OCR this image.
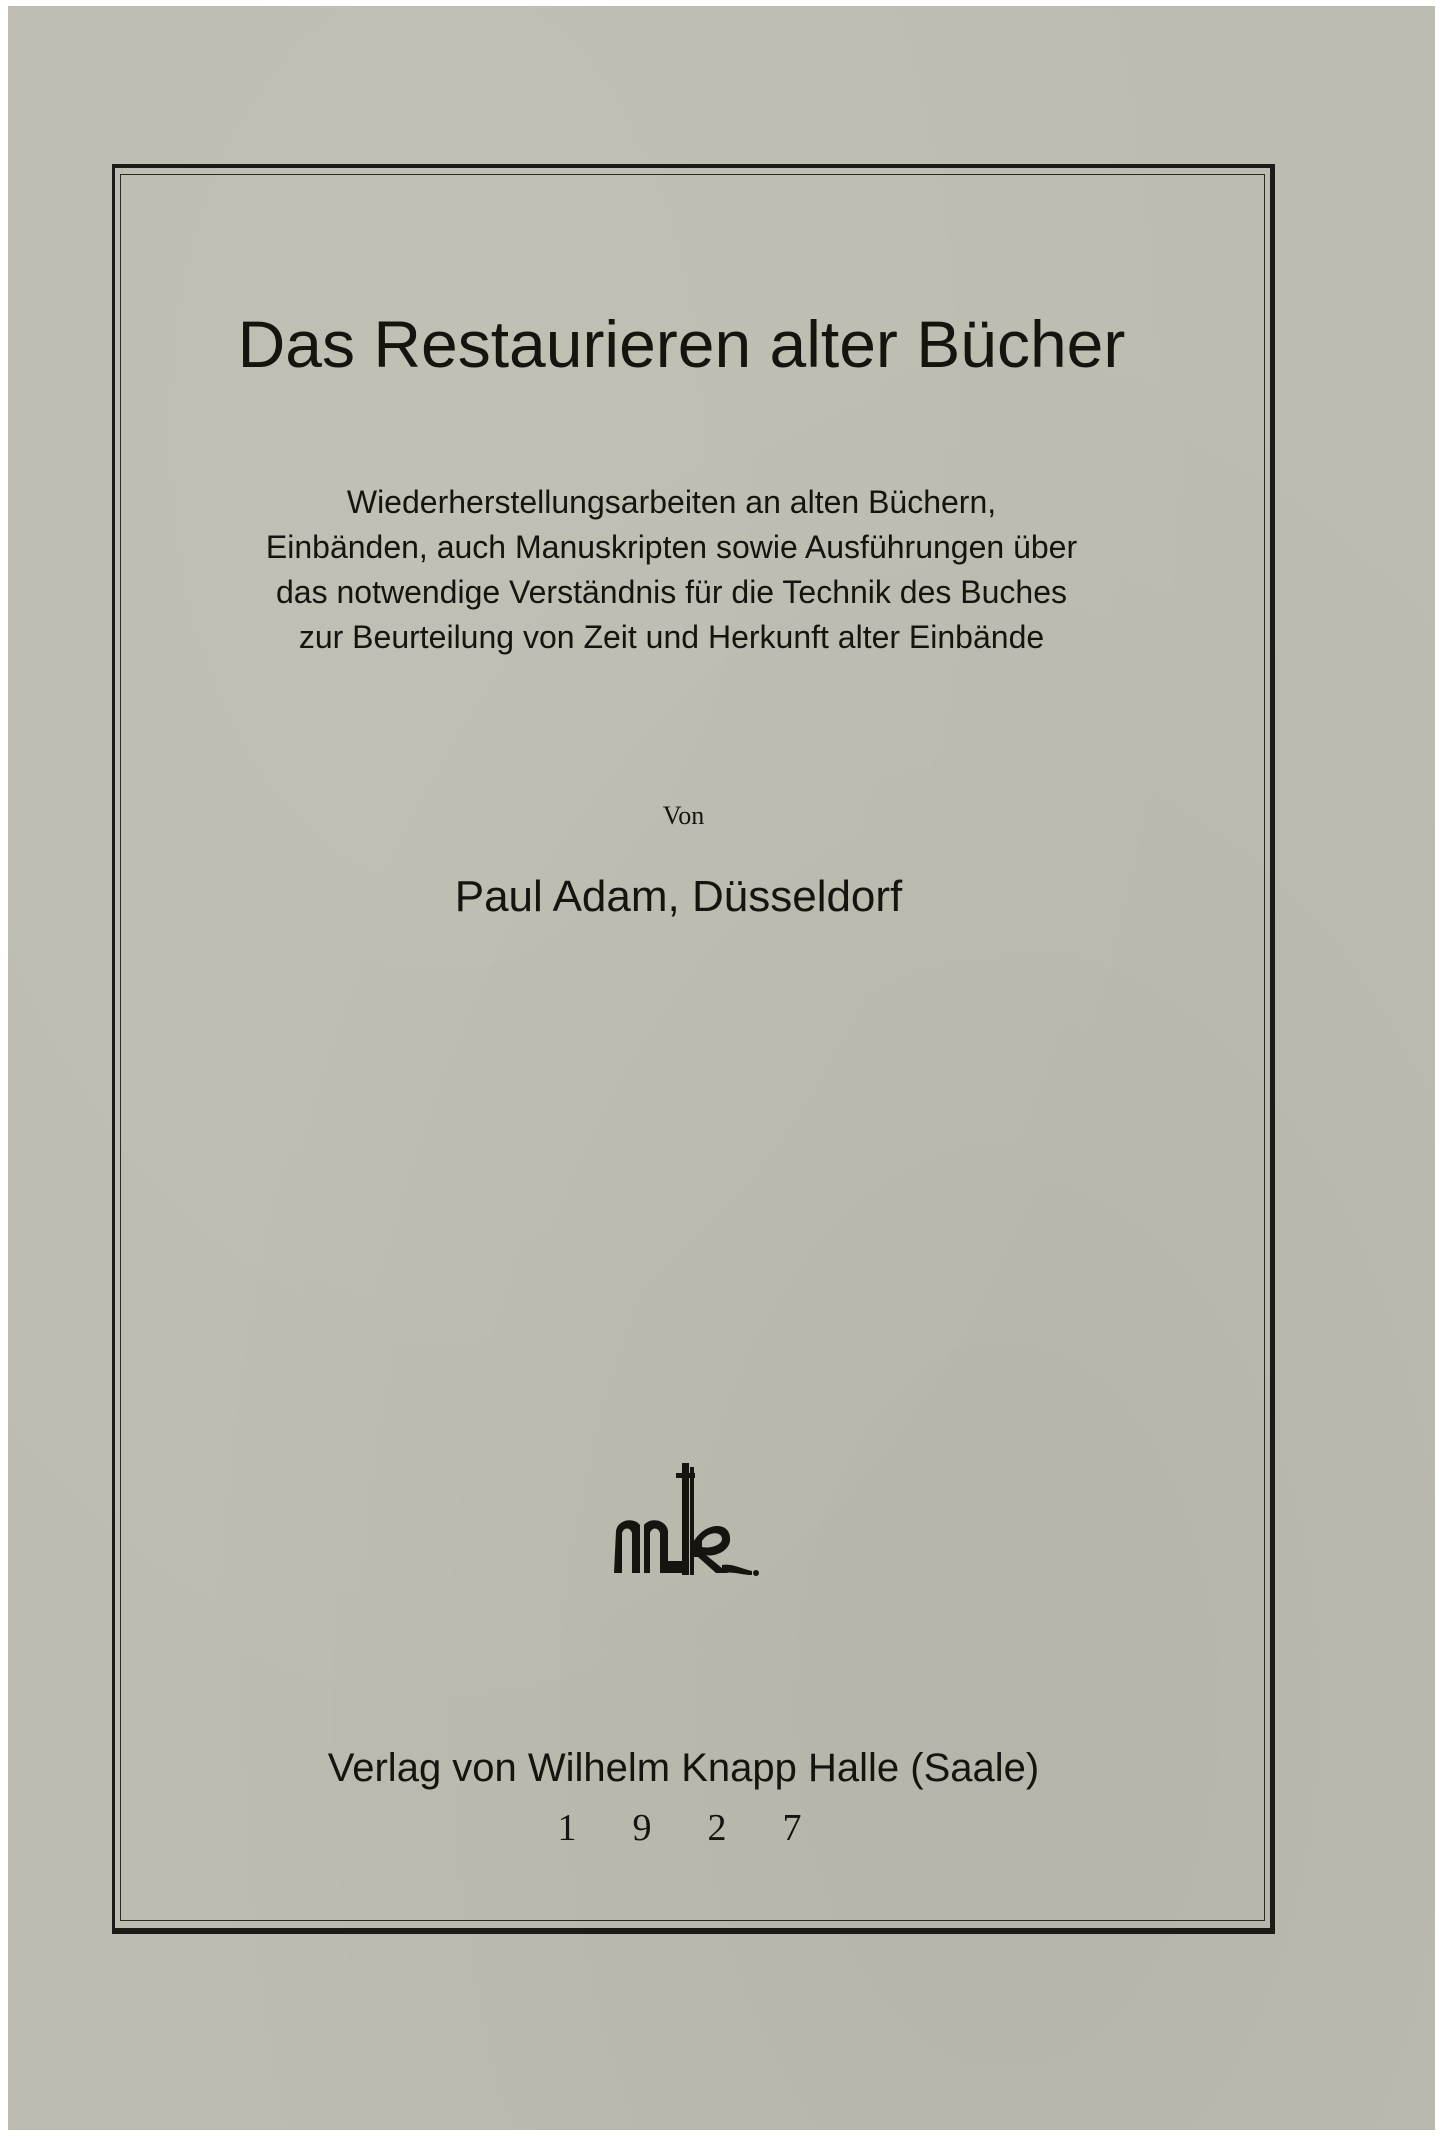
Das Restaurieren alter Bücher
Wiederherstellungsarbeiten an alten Büchern,
Einbänden, auch Manuskripten sowie Ausführungen über
das notwendige Verständnis für die Technik des Buches
zur Beurteilung von Zeit und Herkunft alter Einbände
Von
Paul Adam, Düsseldorf
Verlag von Wilhelm Knapp Halle (Saale)
1927
